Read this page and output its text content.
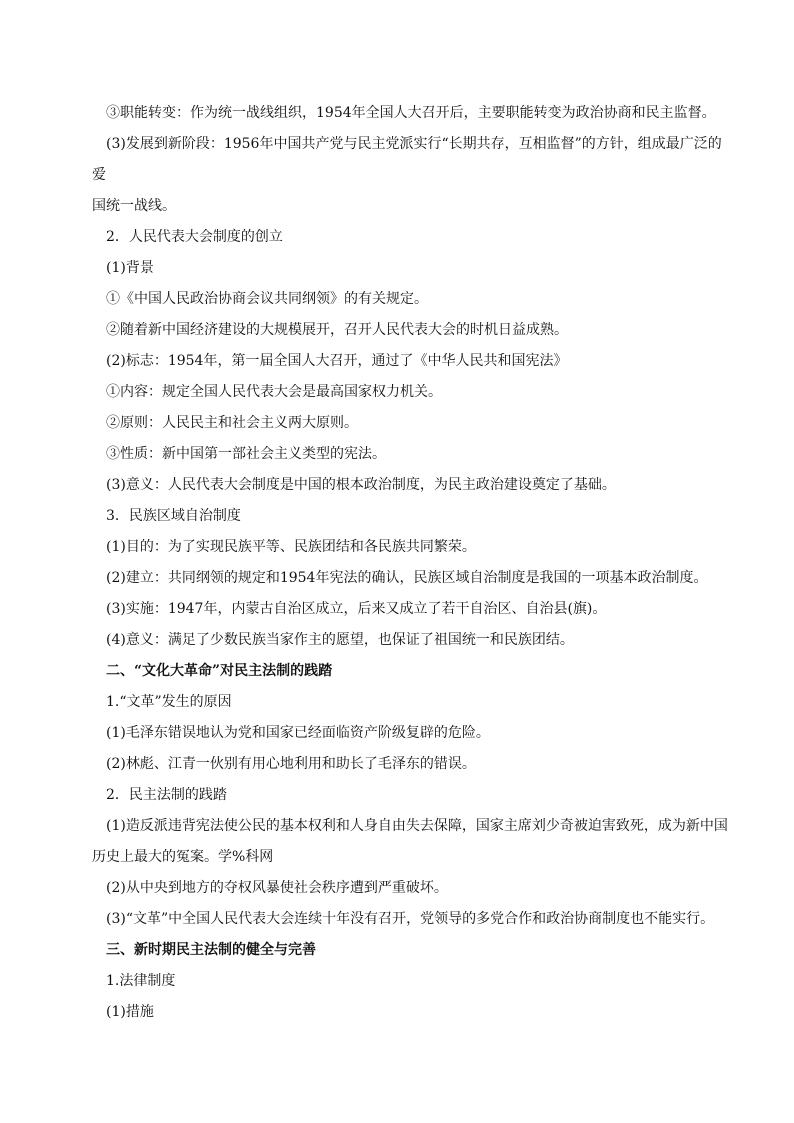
③职能转变：作为统一战线组织，1954年全国人大召开后，主要职能转变为政治协商和民主监督。

(3)发展到新阶段：1956年中国共产党与民主党派实行“长期共存，互相监督”的方针，组成最广泛的爱

国统一战线。

2．人民代表大会制度的创立

(1)背景

①《中国人民政治协商会议共同纲领》的有关规定。

②随着新中国经济建设的大规模展开，召开人民代表大会的时机日益成熟。

(2)标志：1954年，第一届全国人大召开，通过了《中华人民共和国宪法》

①内容：规定全国人民代表大会是最高国家权力机关。

②原则：人民民主和社会主义两大原则。

③性质：新中国第一部社会主义类型的宪法。

(3)意义：人民代表大会制度是中国的根本政治制度，为民主政治建设奠定了基础。

3．民族区域自治制度

(1)目的：为了实现民族平等、民族团结和各民族共同繁荣。

(2)建立：共同纲领的规定和1954年宪法的确认，民族区域自治制度是我国的一项基本政治制度。

(3)实施：1947年，内蒙古自治区成立，后来又成立了若干自治区、自治县(旗)。

(4)意义：满足了少数民族当家作主的愿望，也保证了祖国统一和民族团结。

二、“文化大革命”对民主法制的践踏

1.“文革”发生的原因

(1)毛泽东错误地认为党和国家已经面临资产阶级复辟的危险。

(2)林彪、江青一伙别有用心地利用和助长了毛泽东的错误。

2．民主法制的践踏

(1)造反派违背宪法使公民的基本权利和人身自由失去保障，国家主席刘少奇被迫害致死，成为新中国

历史上最大的冤案。学%科网

(2)从中央到地方的夺权风暴使社会秩序遭到严重破坏。

(3)“文革”中全国人民代表大会连续十年没有召开，党领导的多党合作和政治协商制度也不能实行。

三、新时期民主法制的健全与完善

1.法律制度

(1)措施
